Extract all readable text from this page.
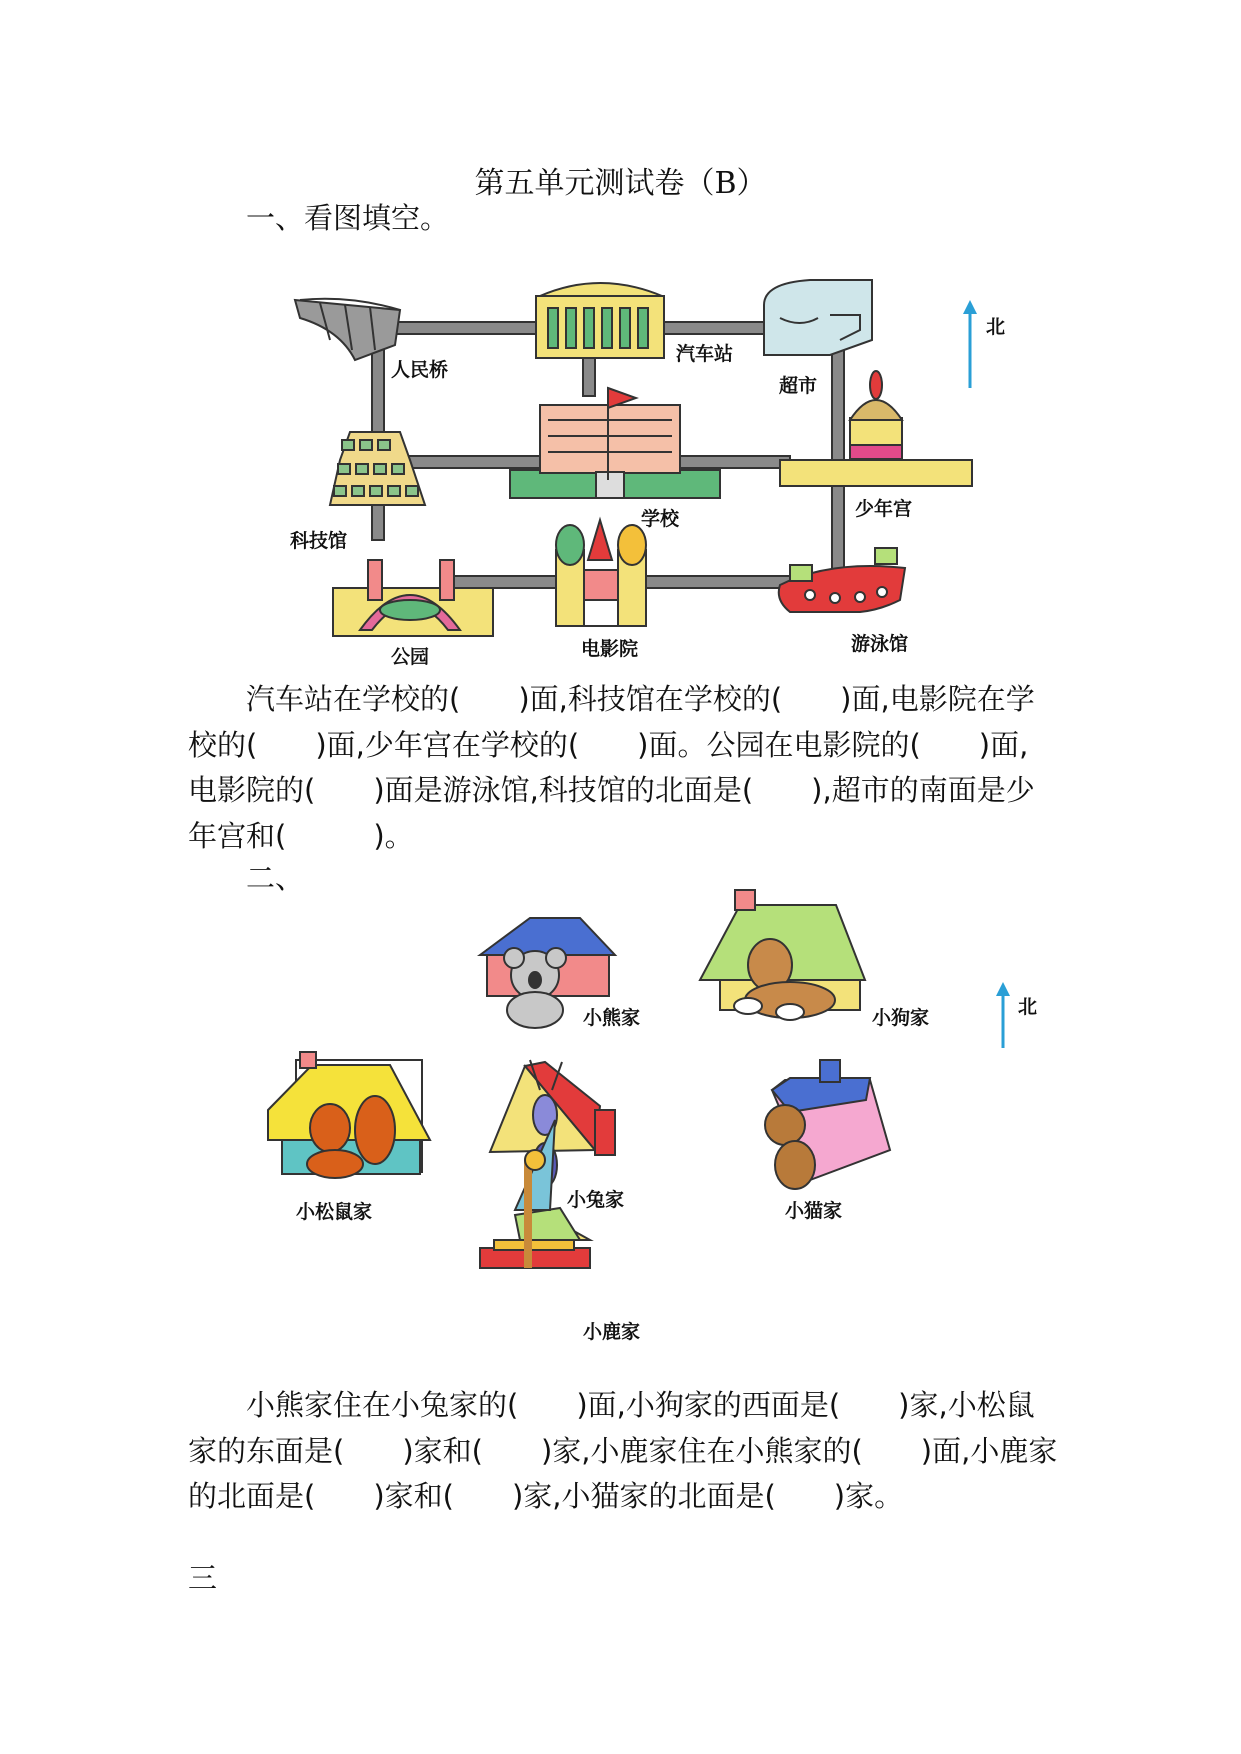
第五单元测试卷（B）
一、看图填空。
北
人民桥
汽车站
超市
科技馆
学校	少年宫
公园	电影院	游泳馆
汽车站在学校的(　　)面,科技馆在学校的(　　)面,电影院在学
校的(　　)面,少年宫在学校的(　　)面。公园在电影院的(　　)面,
电影院的(　　)面是游泳馆,科技馆的北面是(　　),超市的南面是少
年宫和(　　　)。
二、
北
小熊家	小狗家
小松鼠家
小兔家	小猫家
小鹿家
小熊家住在小兔家的(　　)面,小狗家的西面是(　　)家,小松鼠
家的东面是(　　)家和(　　)家,小鹿家住在小熊家的(　　)面,小鹿家
的北面是(　　)家和(　　)家,小猫家的北面是(　　)家。
三
